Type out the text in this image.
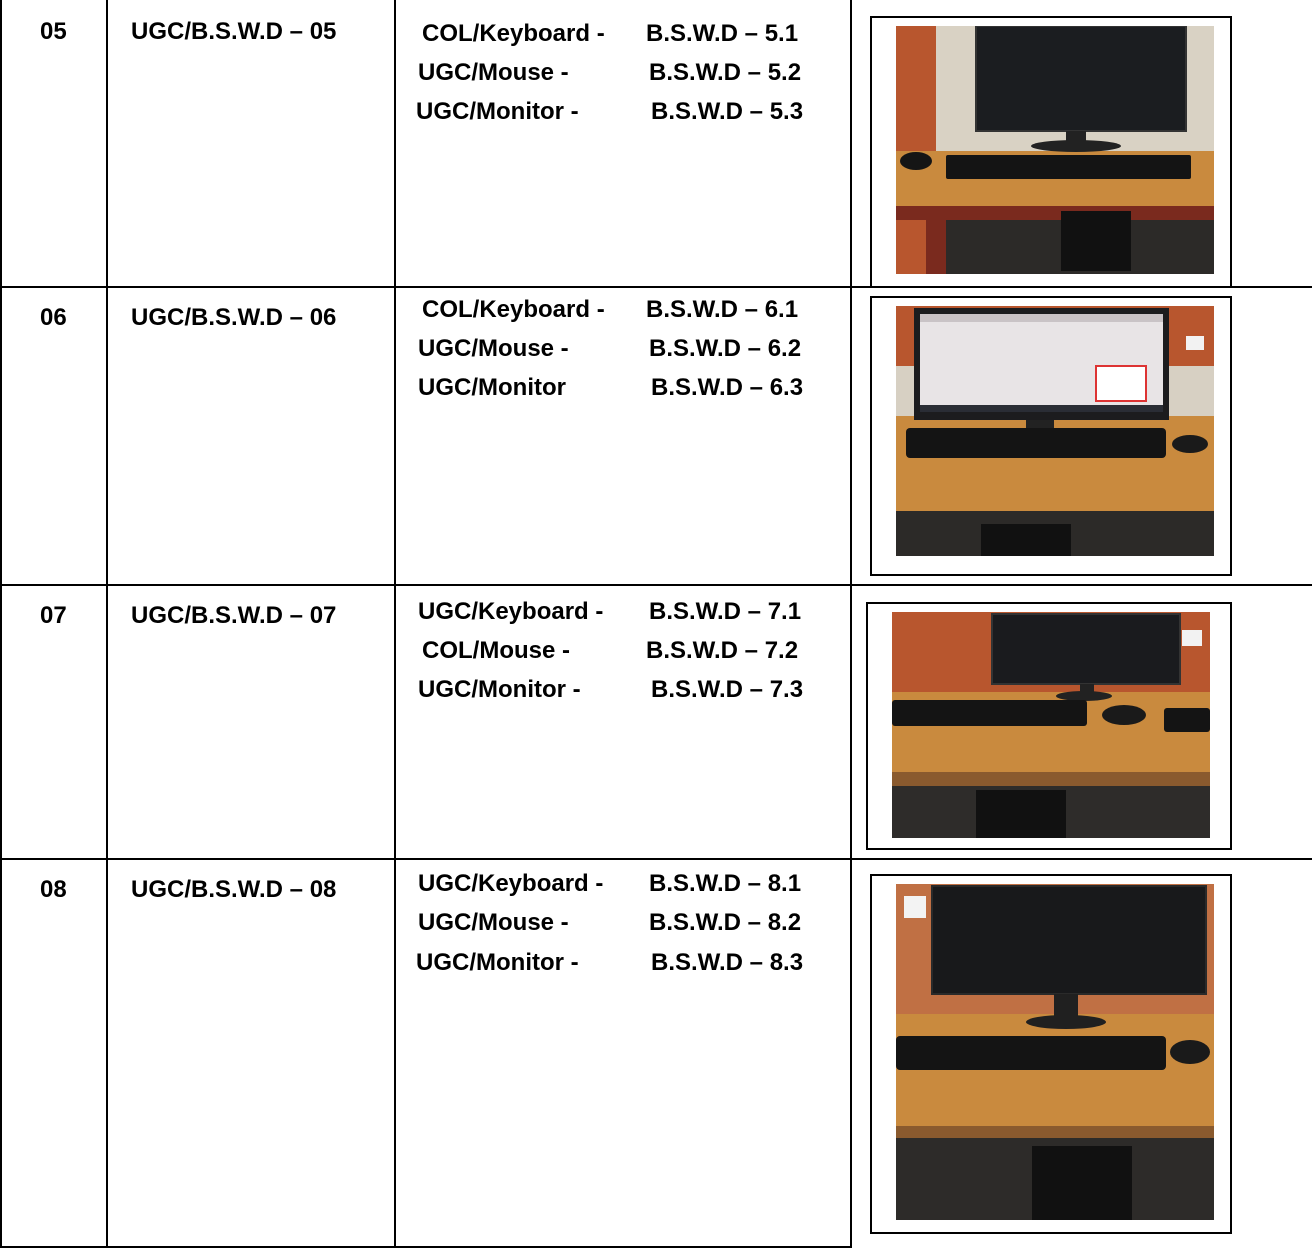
05	UGC/B.S.W.D – 05	COL/Keyboard - B.S.W.D – 5.1
UGC/Mouse -	B.S.W.D – 5.2
UGC/Monitor -	B.S.W.D – 5.3
06	UGC/B.S.W.D – 06	COL/Keyboard - B.S.W.D – 6.1
UGC/Mouse -	B.S.W.D – 6.2
UGC/Monitor	B.S.W.D – 6.3
07	UGC/B.S.W.D – 07	UGC/Keyboard - B.S.W.D – 7.1
COL/Mouse -	B.S.W.D – 7.2
UGC/Monitor -	B.S.W.D – 7.3
08	UGC/B.S.W.D – 08	UGC/Keyboard - B.S.W.D – 8.1
UGC/Mouse -	B.S.W.D – 8.2
UGC/Monitor -	B.S.W.D – 8.3
